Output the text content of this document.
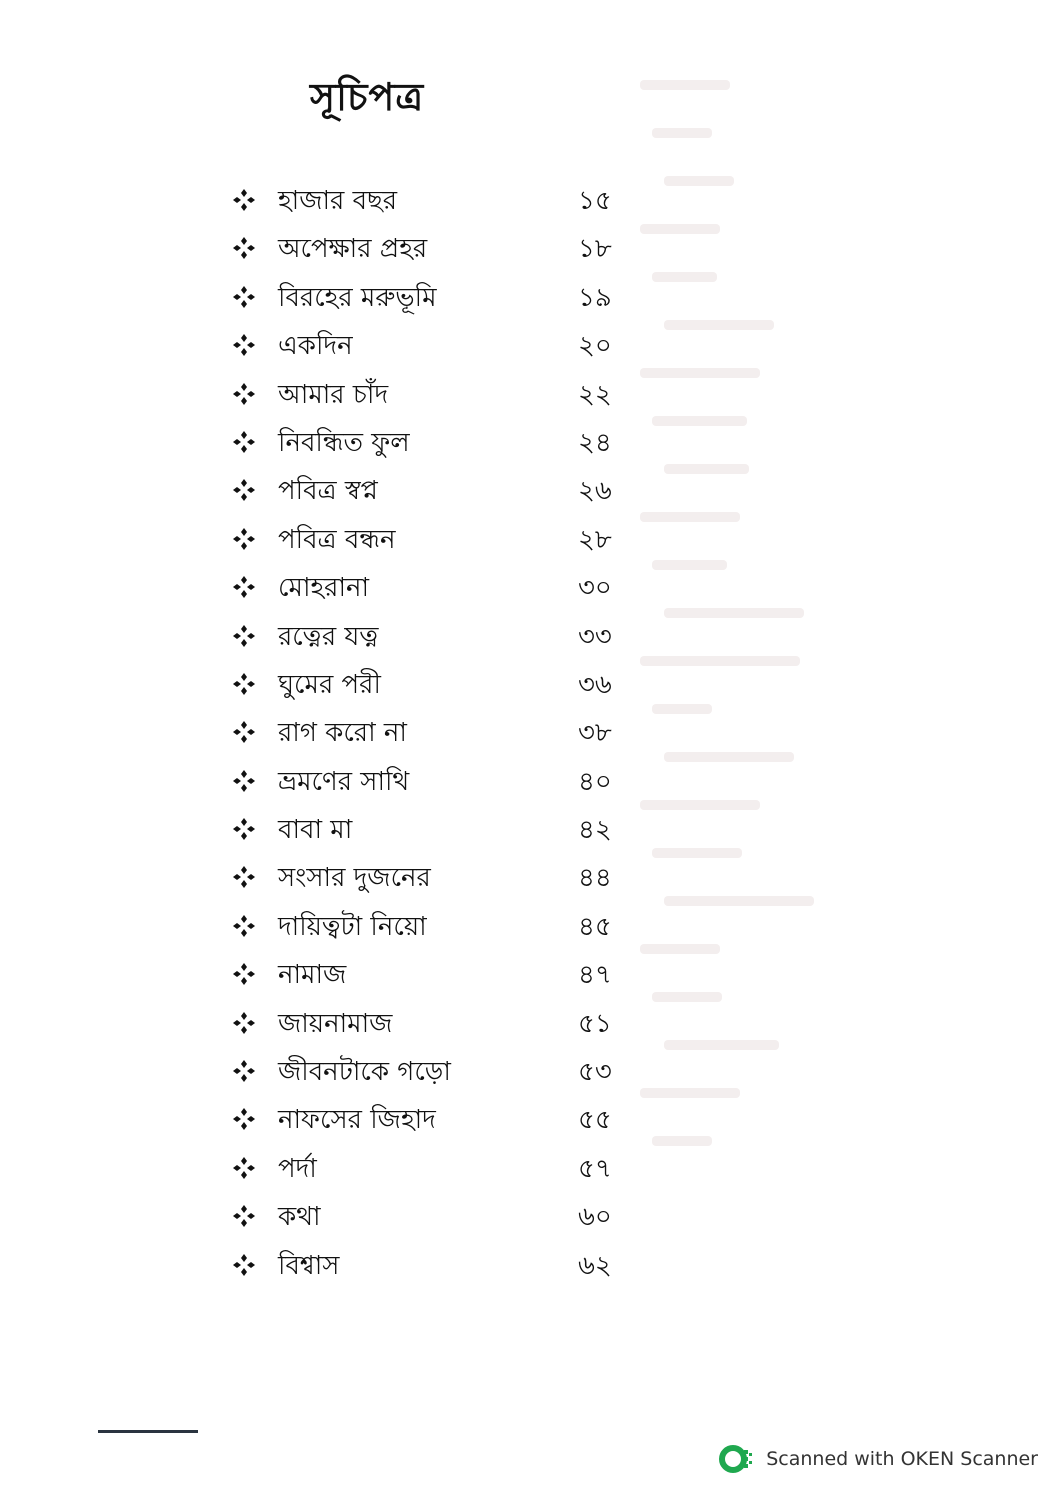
সূচিপত্র
হাজার বছর	১৫
অপেক্ষার প্রহর	১৮
বিরহের মরুভূমি	১৯
একদিন	২০
আমার চাঁদ	২২
নিবন্ধিত ফুল	২৪
পবিত্র স্বপ্ন	২৬
পবিত্র বন্ধন	২৮
মোহরানা	৩০
রত্নের যত্ন	৩৩
ঘুমের পরী	৩৬
রাগ করো না	৩৮
ভ্রমণের সাথি	৪০
বাবা মা	৪২
সংসার দুজনের	৪৪
দায়িত্বটা নিয়ো	৪৫
নামাজ	৪৭
জায়নামাজ	৫১
জীবনটাকে গড়ো	৫৩
নাফসের জিহাদ	৫৫
পর্দা	৫৭
কথা	৬০
বিশ্বাস	৬২
Scanned with OKEN Scanner
